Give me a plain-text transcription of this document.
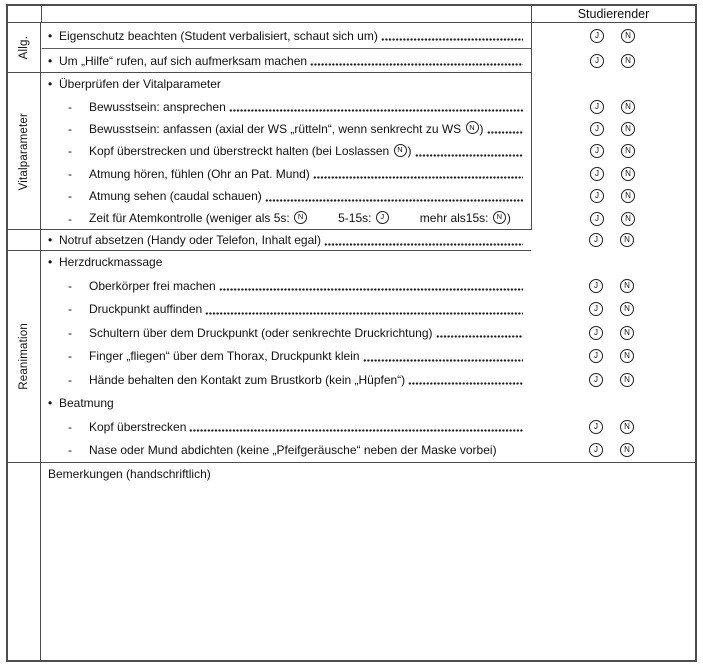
Studierender
Allg.
• Eigenschutz beachten (Student verbalisiert, schaut sich um)	J	N
• Um „Hilfe“ rufen, auf sich aufmerksam machen	J	N
Vitalparameter
• Überprüfen der Vitalparameter
-	Bewusstsein: ansprechen	J	N
-	Bewusstsein: anfassen (axial der WS „rütteln“, wenn senkrecht zu WS N )	J	N
-	Kopf überstrecken und überstreckt halten (bei Loslassen N )	J	N
-	Atmung hören, fühlen (Ohr an Pat. Mund)	J	N
-	Atmung sehen (caudal schauen)	J	N
-	Zeit für Atemkontrolle (weniger als 5s: N   5-15s: J   mehr als15s: N )	J	N
• Notruf absetzen (Handy oder Telefon, Inhalt egal)	J	N
Reanimation
• Herzdruckmassage
-	Oberkörper frei machen	J	N
-	Druckpunkt auffinden	J	N
-	Schultern über dem Druckpunkt (oder senkrechte Druckrichtung)	J	N
-	Finger „fliegen“ über dem Thorax, Druckpunkt klein	J	N
-	Hände behalten den Kontakt zum Brustkorb (kein „Hüpfen“)	J	N
• Beatmung
-	Kopf überstrecken	J	N
-	Nase oder Mund abdichten (keine „Pfeifgeräusche“ neben der Maske vorbei)	J	N
Bemerkungen (handschriftlich)
